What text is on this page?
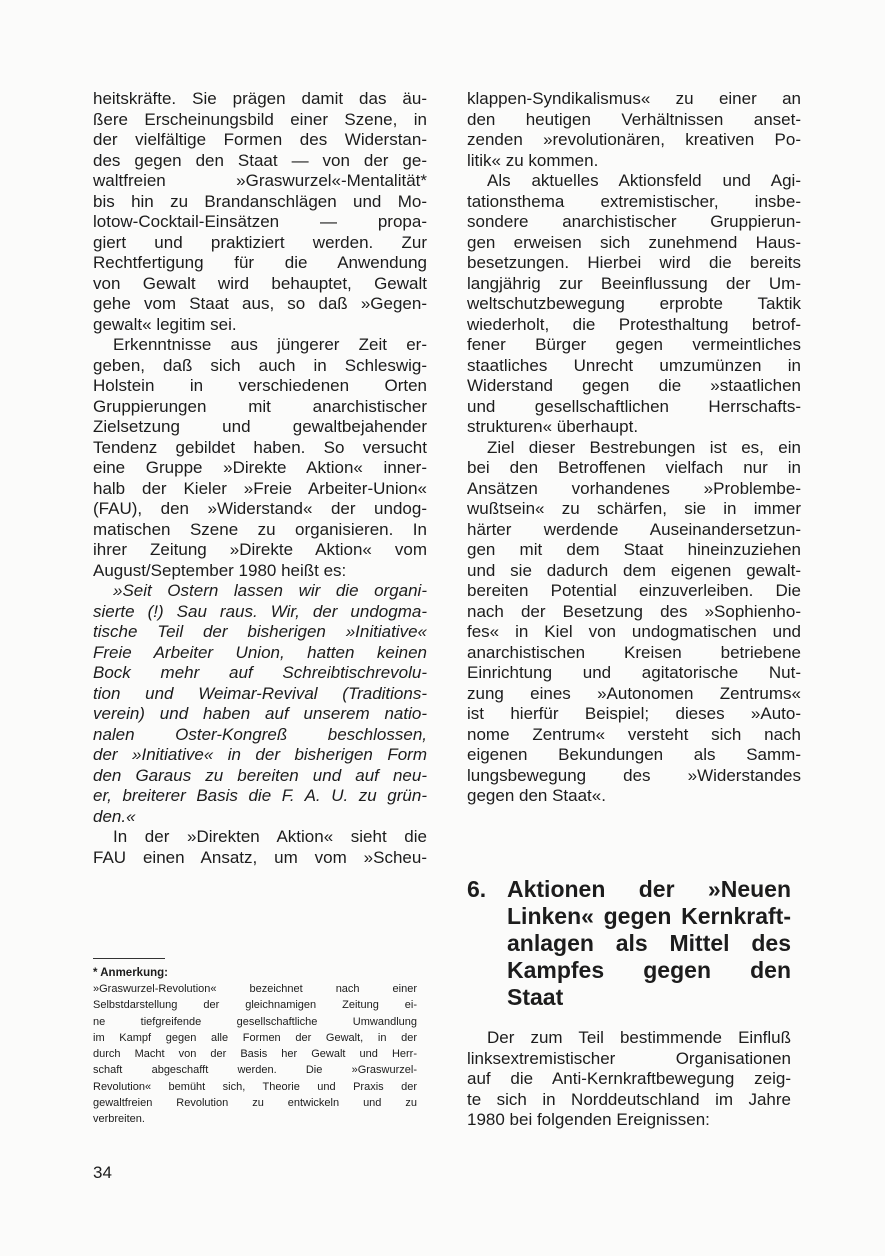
heitskräfte. Sie prägen damit das äu-
ßere Erscheinungsbild einer Szene, in
der vielfältige Formen des Widerstan-
des gegen den Staat — von der ge-
waltfreien »Graswurzel«-Mentalität*
bis hin zu Brandanschlägen und Mo-
lotow-Cocktail-Einsätzen — propa-
giert und praktiziert werden. Zur
Rechtfertigung für die Anwendung
von Gewalt wird behauptet, Gewalt
gehe vom Staat aus, so daß »Gegen-
gewalt« legitim sei.
Erkenntnisse aus jüngerer Zeit er-
geben, daß sich auch in Schleswig-
Holstein in verschiedenen Orten
Gruppierungen mit anarchistischer
Zielsetzung und gewaltbejahender
Tendenz gebildet haben. So versucht
eine Gruppe »Direkte Aktion« inner-
halb der Kieler »Freie Arbeiter-Union«
(FAU), den »Widerstand« der undog-
matischen Szene zu organisieren. In
ihrer Zeitung »Direkte Aktion« vom
August/September 1980 heißt es:
»Seit Ostern lassen wir die organi-
sierte (!) Sau raus. Wir, der undogma-
tische Teil der bisherigen »Initiative«
Freie Arbeiter Union, hatten keinen
Bock mehr auf Schreibtischrevolu-
tion und Weimar-Revival (Traditions-
verein) und haben auf unserem natio-
nalen Oster-Kongreß beschlossen,
der »Initiative« in der bisherigen Form
den Garaus zu bereiten und auf neu-
er, breiterer Basis die F. A. U. zu grün-
den.«
In der »Direkten Aktion« sieht die
FAU einen Ansatz, um vom »Scheu-
klappen-Syndikalismus« zu einer an
den heutigen Verhältnissen anset-
zenden »revolutionären, kreativen Po-
litik« zu kommen.
Als aktuelles Aktionsfeld und Agi-
tationsthema extremistischer, insbe-
sondere anarchistischer Gruppierun-
gen erweisen sich zunehmend Haus-
besetzungen. Hierbei wird die bereits
langjährig zur Beeinflussung der Um-
weltschutzbewegung erprobte Taktik
wiederholt, die Protesthaltung betrof-
fener Bürger gegen vermeintliches
staatliches Unrecht umzumünzen in
Widerstand gegen die »staatlichen
und gesellschaftlichen Herrschafts-
strukturen« überhaupt.
Ziel dieser Bestrebungen ist es, ein
bei den Betroffenen vielfach nur in
Ansätzen vorhandenes »Problembe-
wußtsein« zu schärfen, sie in immer
härter werdende Auseinandersetzun-
gen mit dem Staat hineinzuziehen
und sie dadurch dem eigenen gewalt-
bereiten Potential einzuverleiben. Die
nach der Besetzung des »Sophienho-
fes« in Kiel von undogmatischen und
anarchistischen Kreisen betriebene
Einrichtung und agitatorische Nut-
zung eines »Autonomen Zentrums«
ist hierfür Beispiel; dieses »Auto-
nome Zentrum« versteht sich nach
eigenen Bekundungen als Samm-
lungsbewegung des »Widerstandes
gegen den Staat«.
6. Aktionen der »Neuen
Linken« gegen Kernkraft-
anlagen als Mittel des
Kampfes gegen den
Staat
Der zum Teil bestimmende Einfluß
linksextremistischer Organisationen
auf die Anti-Kernkraftbewegung zeig-
te sich in Norddeutschland im Jahre
1980 bei folgenden Ereignissen:
* Anmerkung:
»Graswurzel-Revolution« bezeichnet nach einer
Selbstdarstellung der gleichnamigen Zeitung ei-
ne tiefgreifende gesellschaftliche Umwandlung
im Kampf gegen alle Formen der Gewalt, in der
durch Macht von der Basis her Gewalt und Herr-
schaft abgeschafft werden. Die »Graswurzel-
Revolution« bemüht sich, Theorie und Praxis der
gewaltfreien Revolution zu entwickeln und zu
verbreiten.
34
